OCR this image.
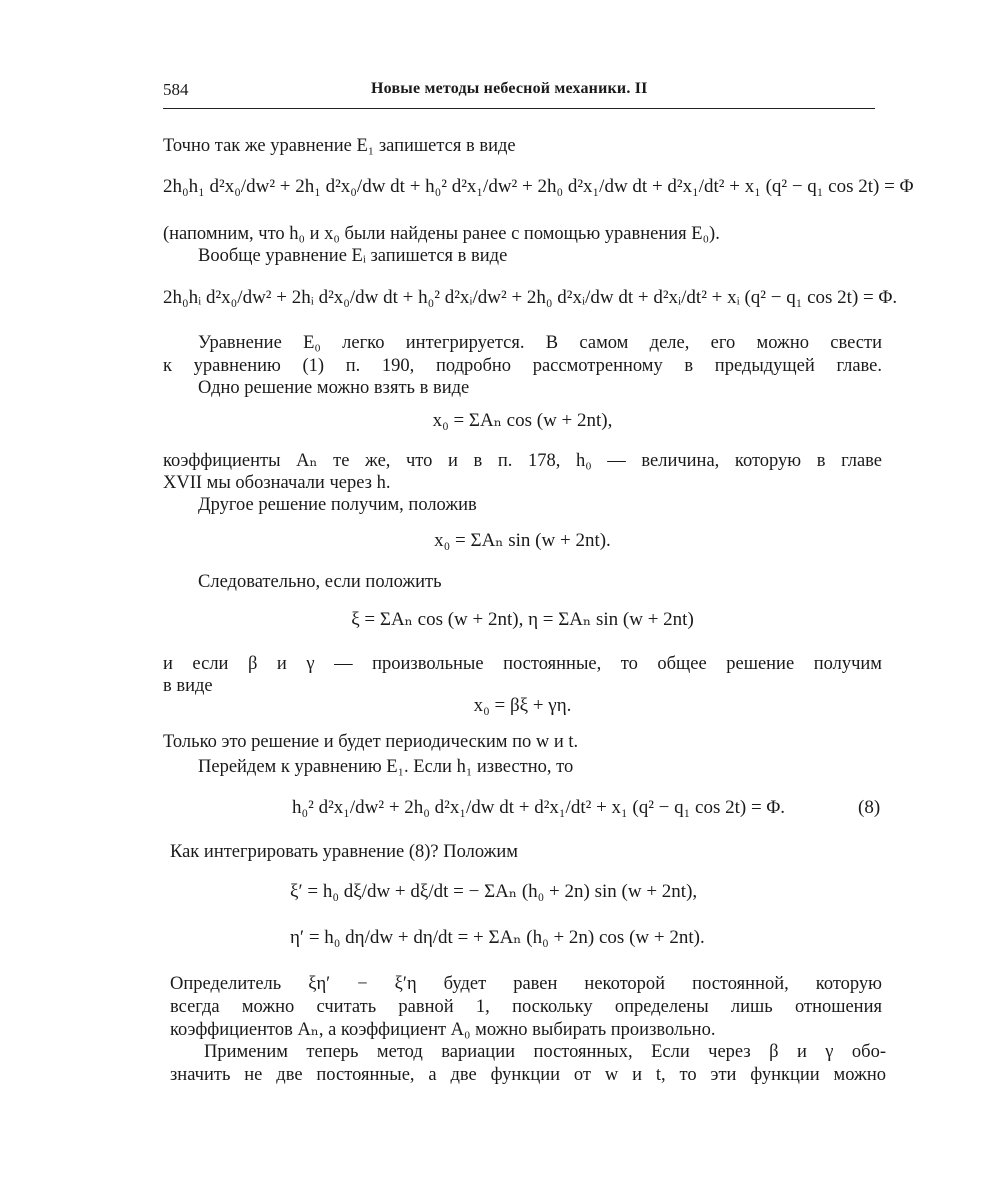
584	Новые методы небесной механики. II
Точно так же уравнение E₁ запишется в виде
2h₀h₁ d²x₀/dw² + 2h₁ d²x₀/dw dt + h₀² d²x₁/dw² + 2h₀ d²x₁/dw dt + d²x₁/dt² + x₁ (q² − q₁ cos 2t) = Φ
(напомним, что h₀ и x₀ были найдены ранее с помощью уравнения E₀).
Вообще уравнение Eᵢ запишется в виде
2h₀hᵢ d²x₀/dw² + 2hᵢ d²x₀/dw dt + h₀² d²xᵢ/dw² + 2h₀ d²xᵢ/dw dt + d²xᵢ/dt² + xᵢ (q² − q₁ cos 2t) = Φ.
Уравнение E₀ легко интегрируется. В самом деле, его можно свести
к уравнению (1) п. 190, подробно рассмотренному в предыдущей главе.
Одно решение можно взять в виде
x₀ = ΣAₙ cos (w + 2nt),
коэффициенты Aₙ те же, что и в п. 178, h₀ — величина, которую в главе
XVII мы обозначали через h.
Другое решение получим, положив
x₀ = ΣAₙ sin (w + 2nt).
Следовательно, если положить
ξ = ΣAₙ cos (w + 2nt), η = ΣAₙ sin (w + 2nt)
и если β и γ — произвольные постоянные, то общее решение получим
в виде
x₀ = βξ + γη.
Только это решение и будет периодическим по w и t.
Перейдем к уравнению E₁. Если h₁ известно, то
h₀² d²x₁/dw² + 2h₀ d²x₁/dw dt + d²x₁/dt² + x₁ (q² − q₁ cos 2t) = Φ.	(8)
Как интегрировать уравнение (8)? Положим
ξ′ = h₀ dξ/dw + dξ/dt = − ΣAₙ (h₀ + 2n) sin (w + 2nt),
η′ = h₀ dη/dw + dη/dt = + ΣAₙ (h₀ + 2n) cos (w + 2nt).
Определитель ξη′ − ξ′η будет равен некоторой постоянной, которую
всегда можно считать равной 1, поскольку определены лишь отношения
коэффициентов Aₙ, а коэффициент A₀ можно выбирать произвольно.
Применим теперь метод вариации постоянных, Если через β и γ обо-
значить не две постоянные, а две функции от w и t, то эти функции можно
